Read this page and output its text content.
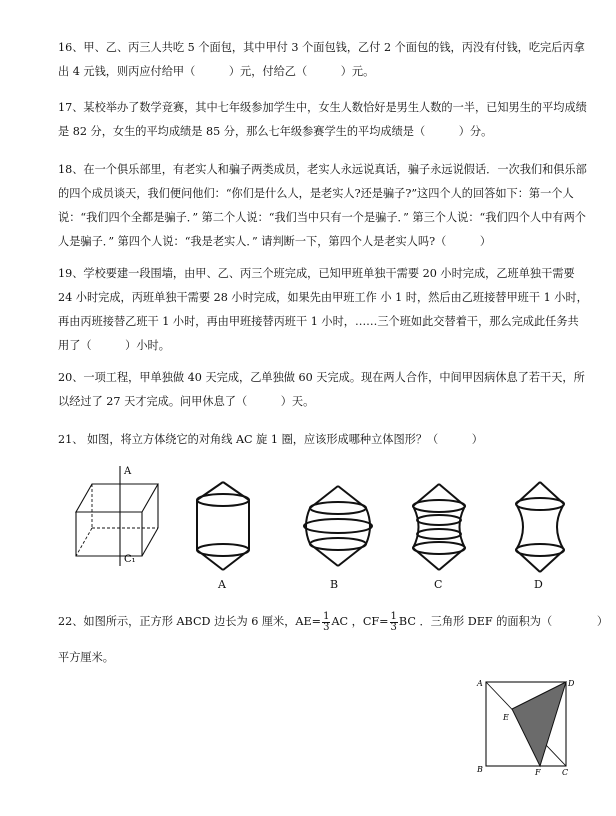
16、甲、乙、丙三人共吃 5 个面包，其中甲付 3 个面包钱，乙付 2 个面包的钱，丙没有付钱，吃完后丙拿出 4 元钱，则丙应付给甲（　　　）元，付给乙（　　　）元。

17、某校举办了数学竞赛，其中七年级参加学生中，女生人数恰好是男生人数的一半，已知男生的平均成绩是 82 分，女生的平均成绩是 85 分，那么七年级参赛学生的平均成绩是（　　　）分。

18、在一个俱乐部里，有老实人和骗子两类成员，老实人永远说真话，骗子永远说假话．一次我们和俱乐部的四个成员谈天，我们便问他们：“你们是什么人，是老实人?还是骗子?”这四个人的回答如下：第一个人说：“我们四个全都是骗子．” 第二个人说：“我们当中只有一个是骗子．” 第三个人说：“我们四个人中有两个人是骗子．” 第四个人说：“我是老实人．” 请判断一下，第四个人是老实人吗?（　　　）

19、学校要建一段围墙，由甲、乙、丙三个班完成，已知甲班单独干需要 20 小时完成，乙班单独干需要 24 小时完成，丙班单独干需要 28 小时完成，如果先由甲班工作 小 1 时，然后由乙班接替甲班干 1 小时，再由丙班接替乙班干 1 小时，再由甲班接替丙班干 1 小时，……三个班如此交替着干，那么完成此任务共用了（　　　）小时。

20、一项工程，甲单独做 40 天完成，乙单独做 60 天完成。现在两人合作，中间甲因病休息了若干天，所以经过了 27 天才完成。问甲休息了（　　　）天。

21、 如图，将立方体绕它的对角线 AC 旋 1 圈，应该形成哪种立体图形？（　　　）

A
C₁
A	B	C	D
22、如图所示，正方形 ABCD 边长为 6 厘米，$AE= \frac{1}{3}$ AC ，$CF= \frac{1}{3}$ BC ．三角形 DEF 的面积为（　　　　）
平方厘米。
A	D
B	C
E
F
